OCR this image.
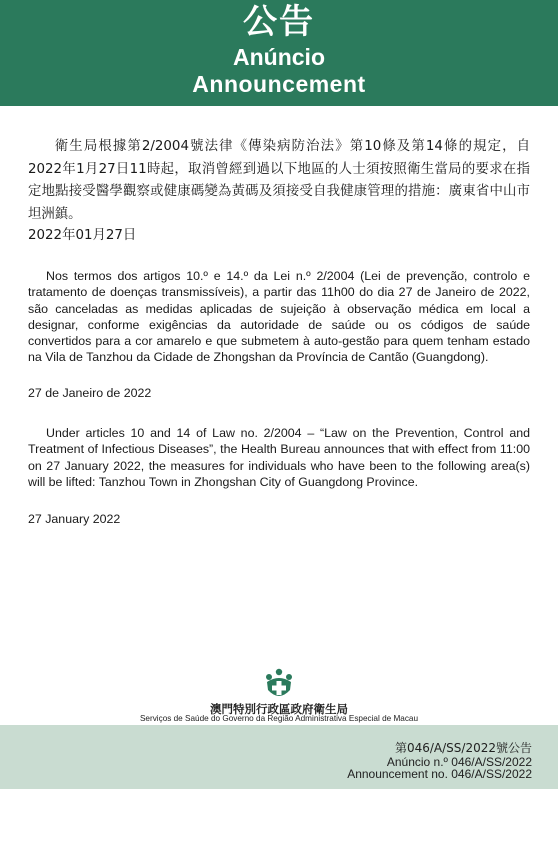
公告
Anúncio
Announcement
衛生局根據第2/2004號法律《傳染病防治法》第10條及第14條的規定，自2022年1月27日11時起，取消曾經到過以下地區的人士須按照衛生當局的要求在指定地點接受醫學觀察或健康碼變為黃碼及須接受自我健康管理的措施：廣東省中山市坦洲鎮。
2022年01月27日
Nos termos dos artigos 10.º e 14.º da Lei n.º 2/2004 (Lei de prevenção, controlo e tratamento de doenças transmissíveis), a partir das 11h00 do dia 27 de Janeiro de 2022, são canceladas as medidas aplicadas de sujeição à observação médica em local a designar, conforme exigências da autoridade de saúde ou os códigos de saúde convertidos para a cor amarelo e que submetem à auto-gestão para quem tenham estado na Vila de Tanzhou da Cidade de Zhongshan da Província de Cantão (Guangdong).
27 de Janeiro de 2022
Under articles 10 and 14 of Law no. 2/2004 – “Law on the Prevention, Control and Treatment of Infectious Diseases”, the Health Bureau announces that with effect from 11:00 on 27 January 2022, the measures for individuals who have been to the following area(s) will be lifted: Tanzhou Town in Zhongshan City of Guangdong Province.
27 January 2022
澳門特別行政區政府衛生局
Serviços de Saúde do Governo da Região Administrativa Especial de Macau
第046/A/SS/2022號公告
Anúncio n.º 046/A/SS/2022
Announcement no. 046/A/SS/2022
